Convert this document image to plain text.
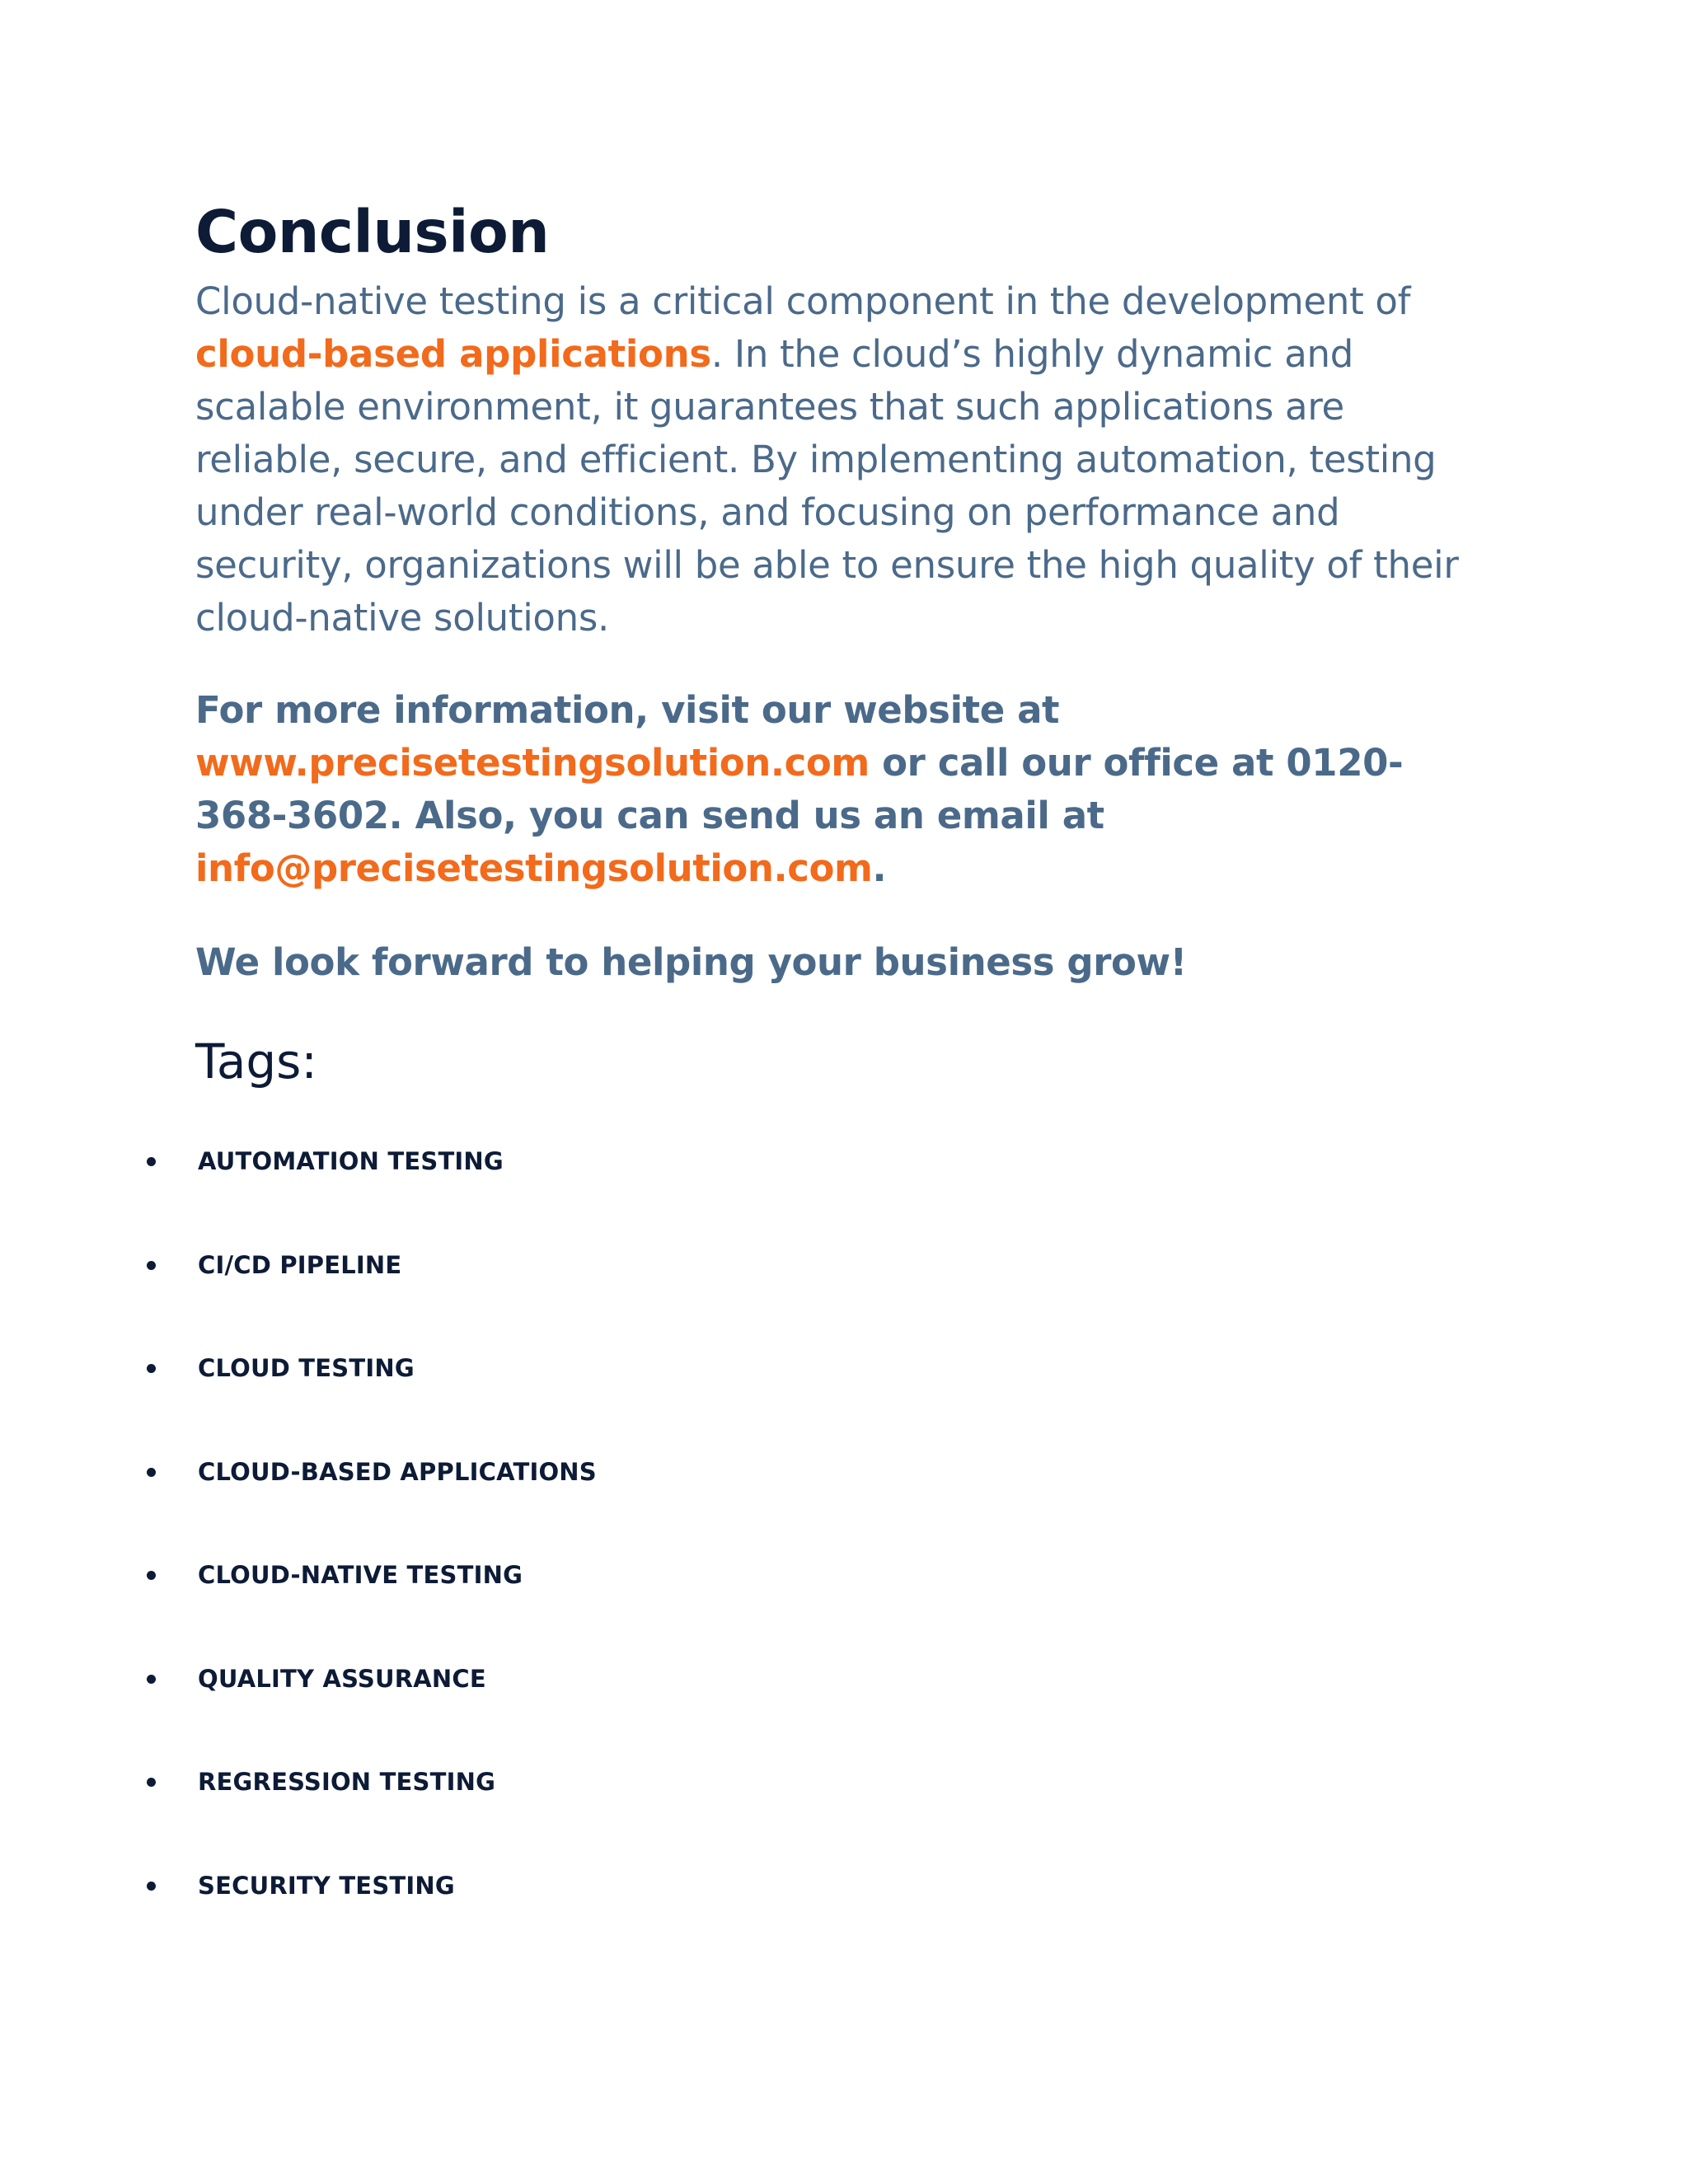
Conclusion

Cloud-native testing is a critical component in the development of cloud-based applications. In the cloud’s highly dynamic and scalable environment, it guarantees that such applications are reliable, secure, and efficient. By implementing automation, testing under real-world conditions, and focusing on performance and security, organizations will be able to ensure the high quality of their cloud-native solutions.

For more information, visit our website at www.precisetestingsolution.com or call our office at 0120-368-3602. Also, you can send us an email at info@precisetestingsolution.com.

We look forward to helping your business grow!

Tags:
AUTOMATION TESTING
CI/CD PIPELINE
CLOUD TESTING
CLOUD-BASED APPLICATIONS
CLOUD-NATIVE TESTING
QUALITY ASSURANCE
REGRESSION TESTING
SECURITY TESTING
